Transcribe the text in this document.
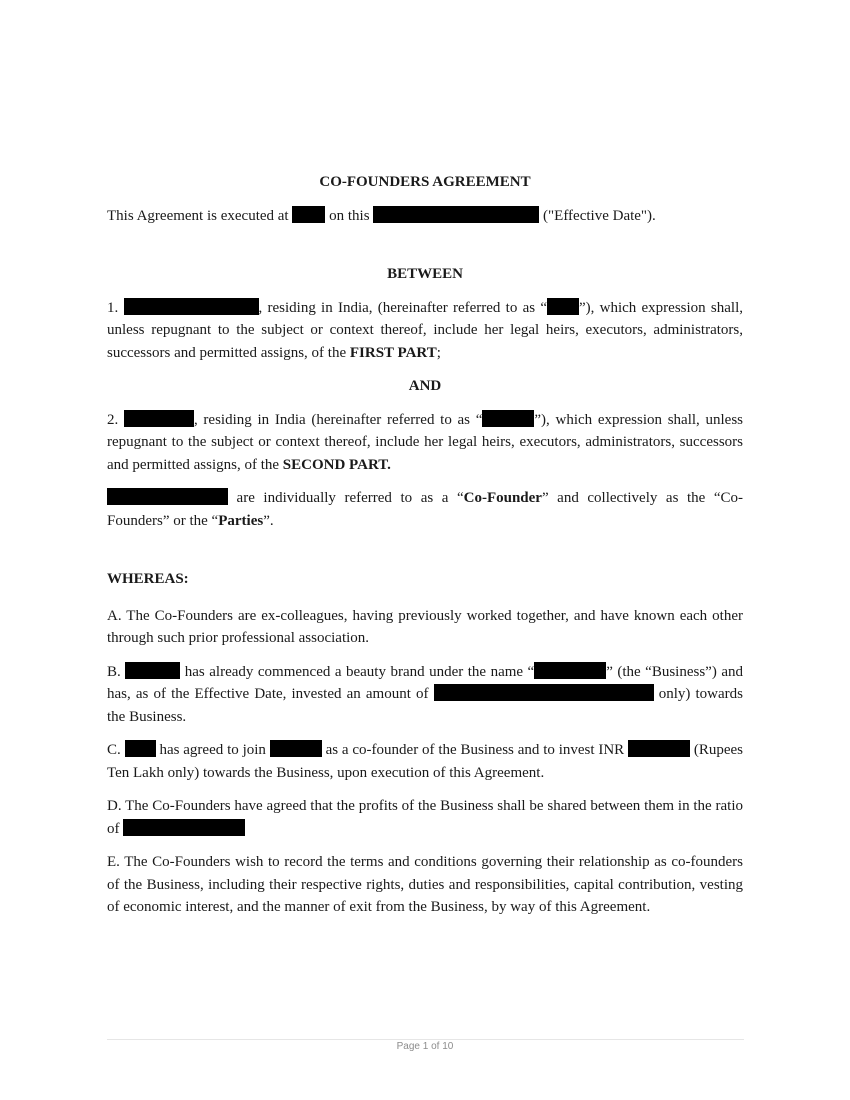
CO-FOUNDERS AGREEMENT

This Agreement is executed at	on this	("Effective Date").

BETWEEN

1.	, residing in India, (hereinafter referred to as “ ”), which expression shall, unless repugnant to the subject or context thereof, include her legal heirs, executors, administrators, successors and permitted assigns, of the FIRST PART;

AND

2.	, residing in India (hereinafter referred to as “	”), which expression shall, unless repugnant to the subject or context thereof, include her legal heirs, executors, administrators, successors and permitted assigns, of the SECOND PART.

are individually referred to as a “Co-Founder” and collectively as the “Co-Founders” or the “Parties”.

WHEREAS:

A. The Co-Founders are ex-colleagues, having previously worked together, and have known each other through such prior professional association.

B.	has already commenced a beauty brand under the name “	” (the “Business”) and has, as of the Effective Date, invested an amount of	only) towards the Business.

C.  has agreed to join	as a co-founder of the Business and to invest INR	(Rupees Ten Lakh only) towards the Business, upon execution of this Agreement.

D. The Co-Founders have agreed that the profits of the Business shall be shared between them in the ratio of

E. The Co-Founders wish to record the terms and conditions governing their relationship as co-founders of the Business, including their respective rights, duties and responsibilities, capital contribution, vesting of economic interest, and the manner of exit from the Business, by way of this Agreement.

Page 1 of 10
